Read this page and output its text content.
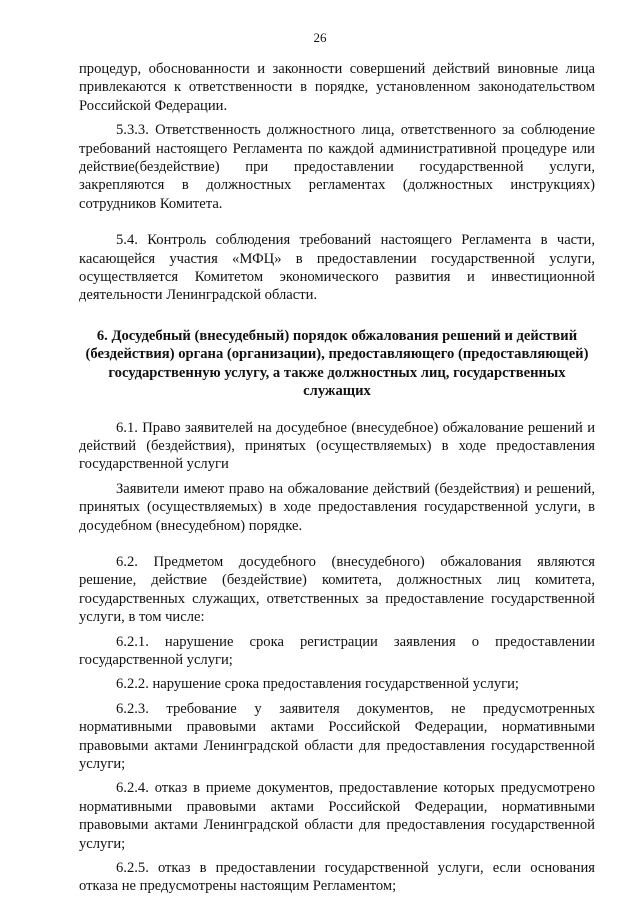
26

процедур, обоснованности и законности совершений действий виновные лица привлекаются к ответственности в порядке, установленном законодательством Российской Федерации.

5.3.3. Ответственность должностного лица, ответственного за соблюдение требований настоящего Регламента по каждой административной процедуре или действие(бездействие) при предоставлении государственной услуги, закрепляются в должностных регламентах (должностных инструкциях) сотрудников Комитета.

5.4. Контроль соблюдения требований настоящего Регламента в части, касающейся участия «МФЦ» в предоставлении государственной услуги, осуществляется Комитетом экономического развития и инвестиционной деятельности Ленинградской области.

6. Досудебный (внесудебный) порядок обжалования решений и действий (бездействия) органа (организации), предоставляющего (предоставляющей) государственную услугу, а также должностных лиц, государственных служащих

6.1. Право заявителей на досудебное (внесудебное) обжалование решений и действий (бездействия), принятых (осуществляемых) в ходе предоставления государственной услуги

Заявители имеют право на обжалование действий (бездействия) и решений, принятых (осуществляемых) в ходе предоставления государственной услуги, в досудебном (внесудебном) порядке.

6.2. Предметом досудебного (внесудебного) обжалования являются решение, действие (бездействие) комитета, должностных лиц комитета, государственных служащих, ответственных за предоставление государственной услуги, в том числе:

6.2.1. нарушение срока регистрации заявления о предоставлении государственной услуги;

6.2.2. нарушение срока предоставления государственной услуги;

6.2.3. требование у заявителя документов, не предусмотренных нормативными правовыми актами Российской Федерации, нормативными правовыми актами Ленинградской области для предоставления государственной услуги;

6.2.4. отказ в приеме документов, предоставление которых предусмотрено нормативными правовыми актами Российской Федерации, нормативными правовыми актами Ленинградской области для предоставления государственной услуги;

6.2.5. отказ в предоставлении государственной услуги, если основания отказа не предусмотрены настоящим Регламентом;
